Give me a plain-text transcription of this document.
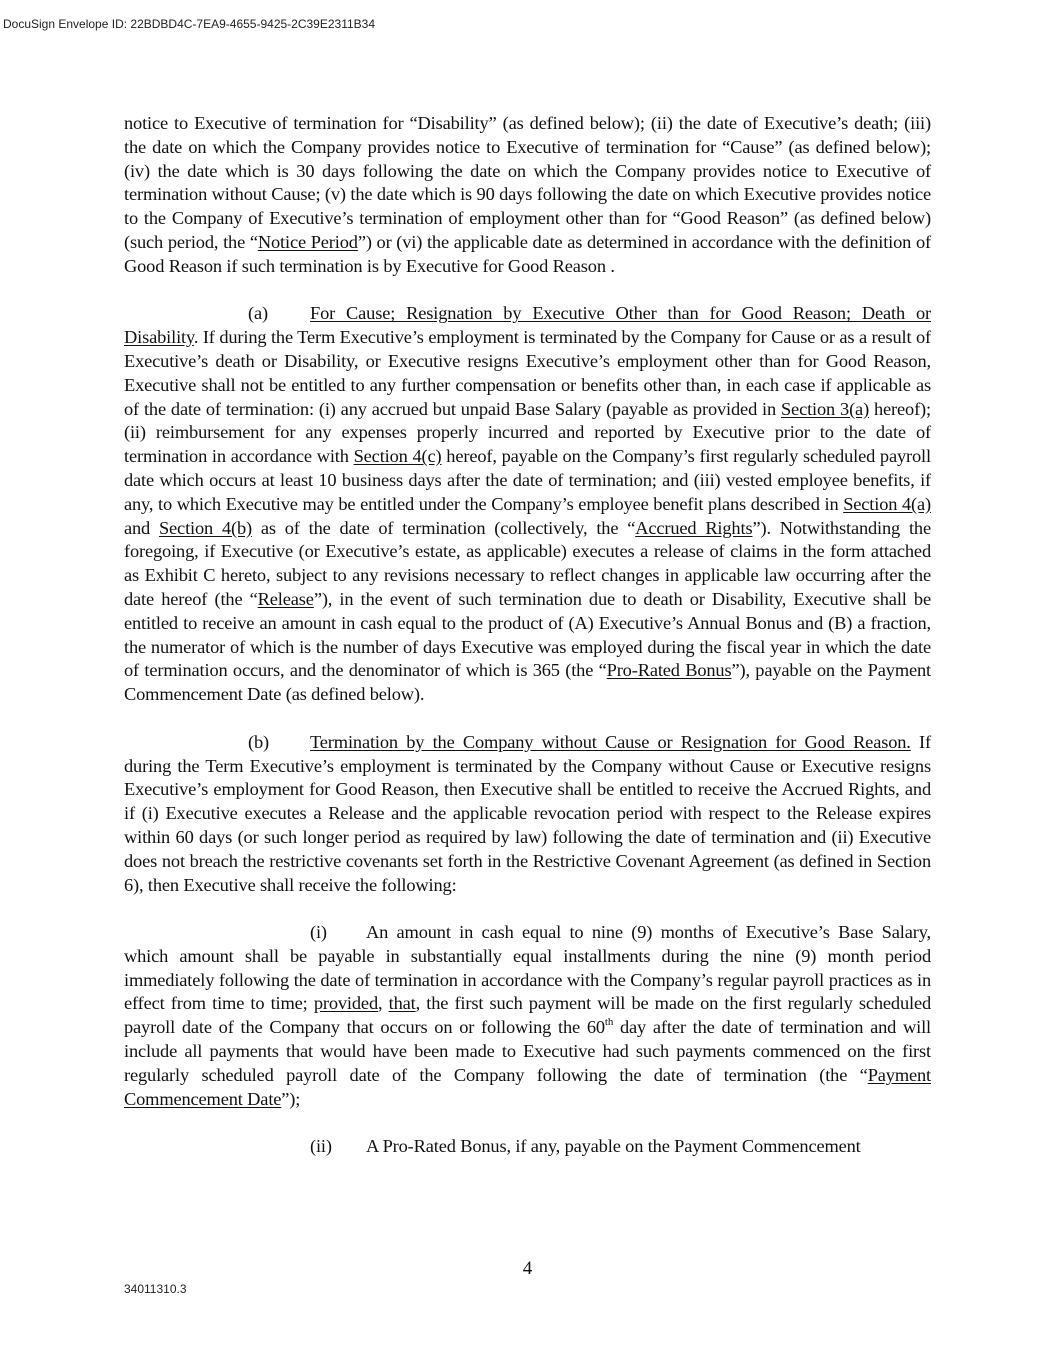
DocuSign Envelope ID: 22BDBD4C-7EA9-4655-9425-2C39E2311B34

notice to Executive of termination for “Disability” (as defined below); (ii) the date of Executive’s death; (iii) the date on which the Company provides notice to Executive of termination for “Cause” (as defined below); (iv) the date which is 30 days following the date on which the Company provides notice to Executive of termination without Cause; (v) the date which is 90 days following the date on which Executive provides notice to the Company of Executive’s termination of employment other than for “Good Reason” (as defined below) (such period, the “Notice Period”) or (vi) the applicable date as determined in accordance with the definition of Good Reason if such termination is by Executive for Good Reason .

(a) For Cause; Resignation by Executive Other than for Good Reason; Death or Disability. If during the Term Executive’s employment is terminated by the Company for Cause or as a result of Executive’s death or Disability, or Executive resigns Executive’s employment other than for Good Reason, Executive shall not be entitled to any further compensation or benefits other than, in each case if applicable as of the date of termination: (i) any accrued but unpaid Base Salary (payable as provided in Section 3(a) hereof); (ii) reimbursement for any expenses properly incurred and reported by Executive prior to the date of termination in accordance with Section 4(c) hereof, payable on the Company’s first regularly scheduled payroll date which occurs at least 10 business days after the date of termination; and (iii) vested employee benefits, if any, to which Executive may be entitled under the Company’s employee benefit plans described in Section 4(a) and Section 4(b) as of the date of termination (collectively, the “Accrued Rights”). Notwithstanding the foregoing, if Executive (or Executive’s estate, as applicable) executes a release of claims in the form attached as Exhibit C hereto, subject to any revisions necessary to reflect changes in applicable law occurring after the date hereof (the “Release”), in the event of such termination due to death or Disability, Executive shall be entitled to receive an amount in cash equal to the product of (A) Executive’s Annual Bonus and (B) a fraction, the numerator of which is the number of days Executive was employed during the fiscal year in which the date of termination occurs, and the denominator of which is 365 (the “Pro-Rated Bonus”), payable on the Payment Commencement Date (as defined below).

(b) Termination by the Company without Cause or Resignation for Good Reason. If during the Term Executive’s employment is terminated by the Company without Cause or Executive resigns Executive’s employment for Good Reason, then Executive shall be entitled to receive the Accrued Rights, and if (i) Executive executes a Release and the applicable revocation period with respect to the Release expires within 60 days (or such longer period as required by law) following the date of termination and (ii) Executive does not breach the restrictive covenants set forth in the Restrictive Covenant Agreement (as defined in Section 6), then Executive shall receive the following:

(i) An amount in cash equal to nine (9) months of Executive’s Base Salary, which amount shall be payable in substantially equal installments during the nine (9) month period immediately following the date of termination in accordance with the Company’s regular payroll practices as in effect from time to time; provided, that, the first such payment will be made on the first regularly scheduled payroll date of the Company that occurs on or following the 60th day after the date of termination and will include all payments that would have been made to Executive had such payments commenced on the first regularly scheduled payroll date of the Company following the date of termination (the “Payment Commencement Date”);

(ii) A Pro-Rated Bonus, if any, payable on the Payment Commencement

4
34011310.3
